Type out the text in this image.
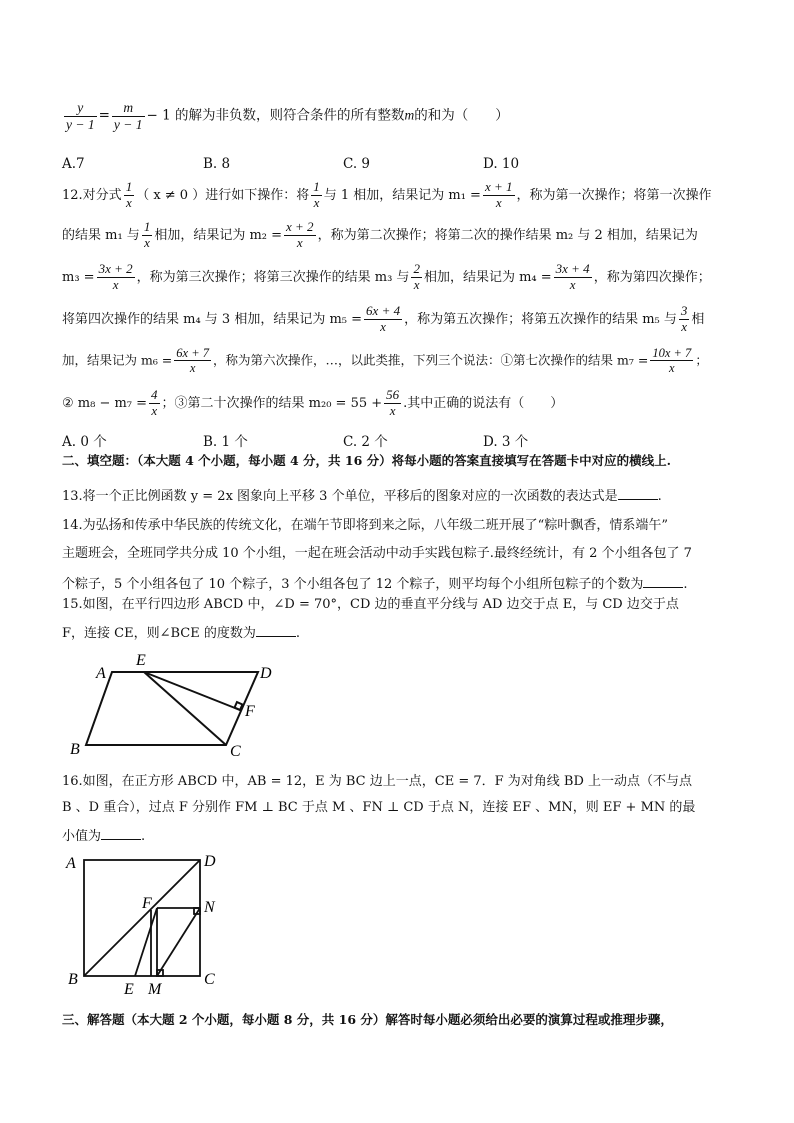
$\frac{y}{y - 1} = \frac{m}{y - 1} - 1$ 的解为非负数，则符合条件的所有整数m的和为（　　）
A.7	B. 8	C. 9	D. 10
12.对分式 $\frac{1}{x}$ （ x ≠ 0 ）进行如下操作：将 $\frac{1}{x}$ 与 1 相加，结果记为 $m_1 = \frac{x + 1}{x}$ ，称为第一次操作；将第一次操作
的结果 m₁ 与 $\frac{1}{x}$ 相加，结果记为 $m_2 = \frac{x + 2}{x}$ ，称为第二次操作；将第二次的操作结果 m₂ 与 2 相加，结果记为
$m_3 = \frac{3x + 2}{x}$ ，称为第三次操作；将第三次操作的结果 m₃ 与 $\frac{2}{x}$ 相加，结果记为 $m_4 = \frac{3x + 4}{x}$ ，称为第四次操作；
将第四次操作的结果 m₄ 与 3 相加，结果记为 $m_5 = \frac{6x + 4}{x}$ ，称为第五次操作；将第五次操作的结果 m₅ 与 $\frac{3}{x}$ 相
加，结果记为 $m_6 = \frac{6x + 7}{x}$ ，称为第六次操作，…，以此类推，下列三个说法：①第七次操作的结果 $m_7 = \frac{10x + 7}{x}$ ；
② $m_8 - m_7 = \frac{4}{x}$ ；③第二十次操作的结果 $m_{20} = 55 + \frac{56}{x}$ .其中正确的说法有（　　）
A. 0 个	B. 1 个	C. 2 个	D. 3 个
二、填空题：（本大题 4 个小题，每小题 4 分，共 16 分）将每小题的答案直接填写在答题卡中对应的横线上.
13.将一个正比例函数 y = 2x 图象向上平移 3 个单位，平移后的图象对应的一次函数的表达式是	.
14.为弘扬和传承中华民族的传统文化，在端午节即将到来之际，八年级二班开展了“粽叶飘香，情系端午”
主题班会，全班同学共分成 10 个小组，一起在班会活动中动手实践包粽子.最终经统计，有 2 个小组各包了 7
个粽子，5 个小组各包了 10 个粽子，3 个小组各包了 12 个粽子，则平均每个小组所包粽子的个数为	.
15.如图，在平行四边形 ABCD 中，∠D = 70°，CD 边的垂直平分线与 AD 边交于点 E，与 CD 边交于点
F，连接 CE，则∠BCE 的度数为	.
A
E
D
F
B	C
16.如图，在正方形 ABCD 中，AB = 12，E 为 BC 边上一点，CE = 7．F 为对角线 BD 上一动点（不与点
B 、D 重合），过点 F 分别作 FM ⊥ BC 于点 M 、FN ⊥ CD 于点 N，连接 EF 、MN，则 EF + MN 的最
小值为	.
A	D
F	N
B	C
E M
三、解答题（本大题 2 个小题，每小题 8 分，共 16 分）解答时每小题必须给出必要的演算过程或推理步骤，
